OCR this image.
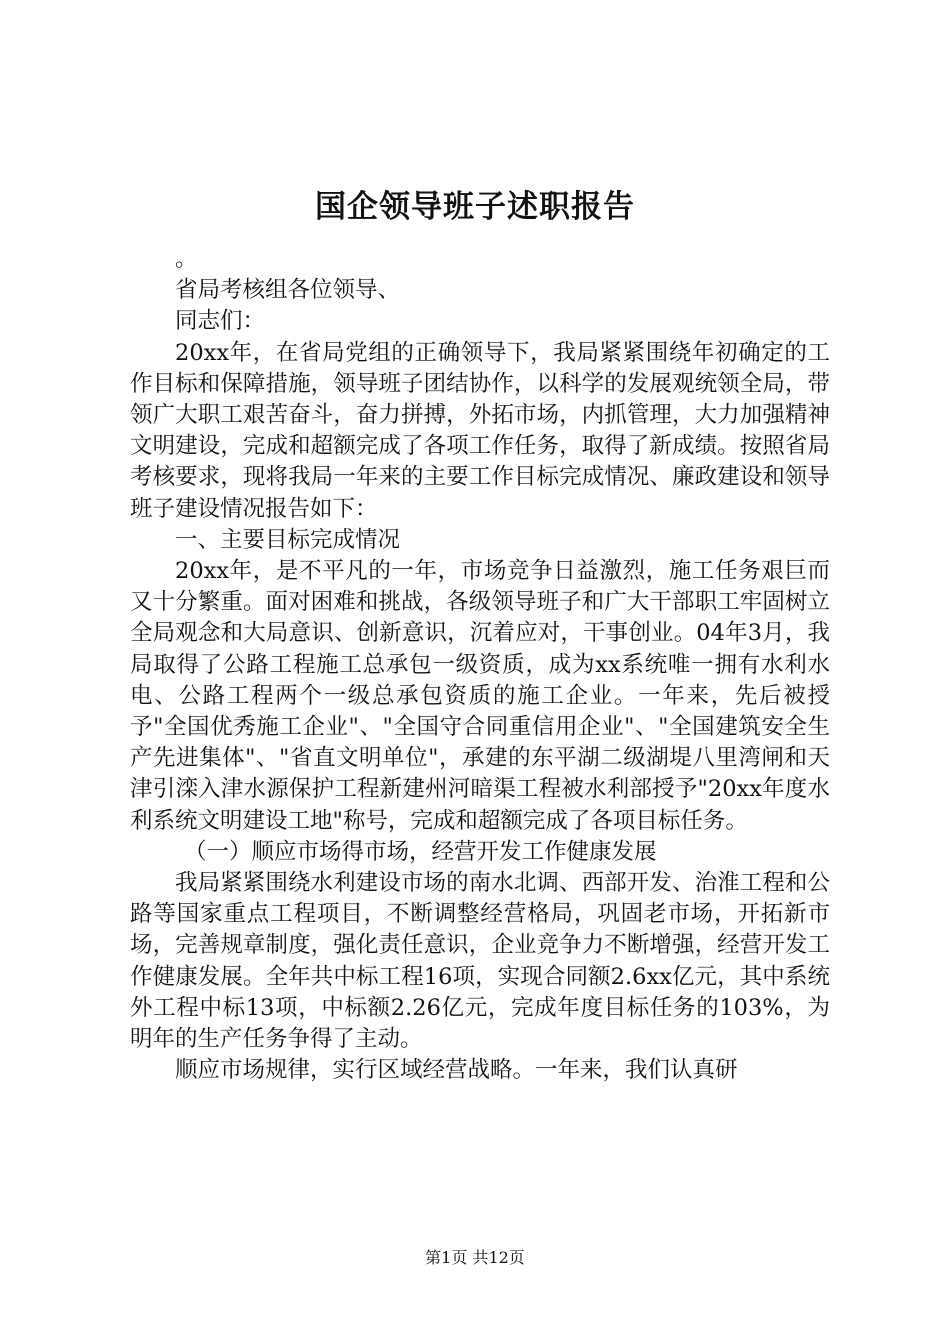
国企领导班子述职报告

。

省局考核组各位领导、

同志们：

20xx年，在省局党组的正确领导下，我局紧紧围绕年初确定的工作目标和保障措施，领导班子团结协作，以科学的发展观统领全局，带领广大职工艰苦奋斗，奋力拼搏，外拓市场，内抓管理，大力加强精神文明建设，完成和超额完成了各项工作任务，取得了新成绩。按照省局考核要求，现将我局一年来的主要工作目标完成情况、廉政建设和领导班子建设情况报告如下：

一、主要目标完成情况

20xx年，是不平凡的一年，市场竞争日益激烈，施工任务艰巨而又十分繁重。面对困难和挑战，各级领导班子和广大干部职工牢固树立全局观念和大局意识、创新意识，沉着应对，干事创业。04年3月，我局取得了公路工程施工总承包一级资质，成为xx系统唯一拥有水利水电、公路工程两个一级总承包资质的施工企业。一年来，先后被授予"全国优秀施工企业"、"全国守合同重信用企业"、"全国建筑安全生产先进集体"、"省直文明单位"，承建的东平湖二级湖堤八里湾闸和天津引滦入津水源保护工程新建州河暗渠工程被水利部授予"20xx年度水利系统文明建设工地"称号，完成和超额完成了各项目标任务。

（一）顺应市场得市场，经营开发工作健康发展

我局紧紧围绕水利建设市场的南水北调、西部开发、治淮工程和公路等国家重点工程项目，不断调整经营格局，巩固老市场，开拓新市场，完善规章制度，强化责任意识，企业竞争力不断增强，经营开发工作健康发展。全年共中标工程16项，实现合同额2.6xx亿元，其中系统外工程中标13项，中标额2.26亿元，完成年度目标任务的103%，为明年的生产任务争得了主动。

顺应市场规律，实行区域经营战略。一年来，我们认真研

第1页 共12页
